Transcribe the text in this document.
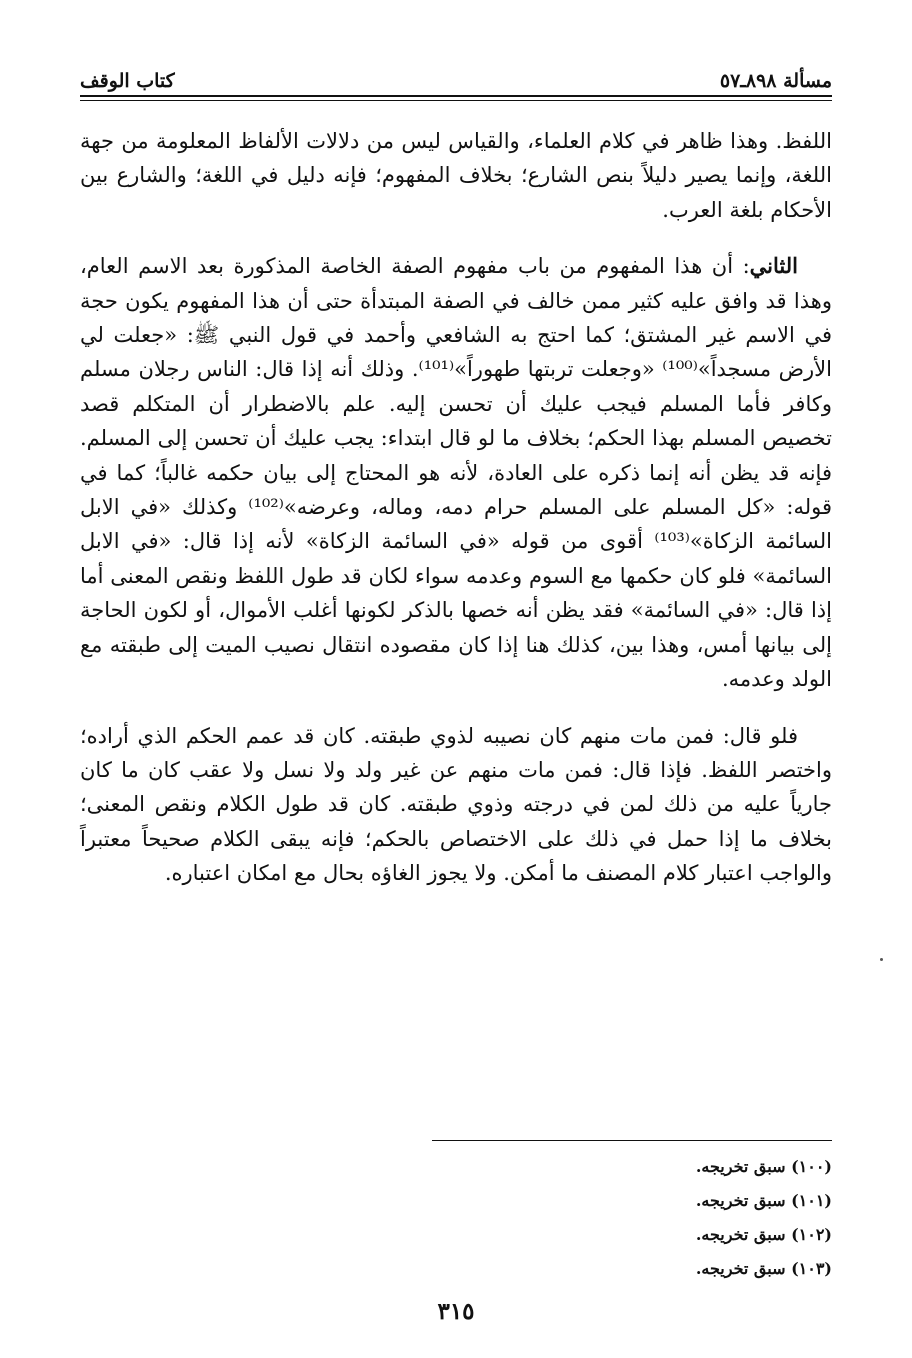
مسألة ٨٩٨ـ٥٧
كتاب الوقف

اللفظ. وهذا ظاهر في كلام العلماء، والقياس ليس من دلالات الألفاظ المعلومة من جهة اللغة، وإنما يصير دليلاً بنص الشارع؛ بخلاف المفهوم؛ فإنه دليل في اللغة؛ والشارع بين الأحكام بلغة العرب.

الثاني: أن هذا المفهوم من باب مفهوم الصفة الخاصة المذكورة بعد الاسم العام، وهذا قد وافق عليه كثير ممن خالف في الصفة المبتدأة حتى أن هذا المفهوم يكون حجة في الاسم غير المشتق؛ كما احتج به الشافعي وأحمد في قول النبي ﷺ: «جعلت لي الأرض مسجداً»⁽¹⁰⁰⁾ «وجعلت تربتها طهوراً»⁽¹⁰¹⁾. وذلك أنه إذا قال: الناس رجلان مسلم وكافر فأما المسلم فيجب عليك أن تحسن إليه. علم بالاضطرار أن المتكلم قصد تخصيص المسلم بهذا الحكم؛ بخلاف ما لو قال ابتداء: يجب عليك أن تحسن إلى المسلم. فإنه قد يظن أنه إنما ذكره على العادة، لأنه هو المحتاج إلى بيان حكمه غالباً؛ كما في قوله: «كل المسلم على المسلم حرام دمه، وماله، وعرضه»⁽¹⁰²⁾ وكذلك «في الابل السائمة الزكاة»⁽¹⁰³⁾ أقوى من قوله «في السائمة الزكاة» لأنه إذا قال: «في الابل السائمة» فلو كان حكمها مع السوم وعدمه سواء لكان قد طول اللفظ ونقص المعنى أما إذا قال: «في السائمة» فقد يظن أنه خصها بالذكر لكونها أغلب الأموال، أو لكون الحاجة إلى بيانها أمس، وهذا بين، كذلك هنا إذا كان مقصوده انتقال نصيب الميت إلى طبقته مع الولد وعدمه.

فلو قال: فمن مات منهم كان نصيبه لذوي طبقته. كان قد عمم الحكم الذي أراده؛ واختصر اللفظ. فإذا قال: فمن مات منهم عن غير ولد ولا نسل ولا عقب كان ما كان جارياً عليه من ذلك لمن في درجته وذوي طبقته. كان قد طول الكلام ونقص المعنى؛ بخلاف ما إذا حمل في ذلك على الاختصاص بالحكم؛ فإنه يبقى الكلام صحيحاً معتبراً والواجب اعتبار كلام المصنف ما أمكن. ولا يجوز الغاؤه بحال مع امكان اعتباره.

(١٠٠) سبق تخريجه.
(١٠١) سبق تخريجه.
(١٠٢) سبق تخريجه.
(١٠٣) سبق تخريجه.
٣١٥
